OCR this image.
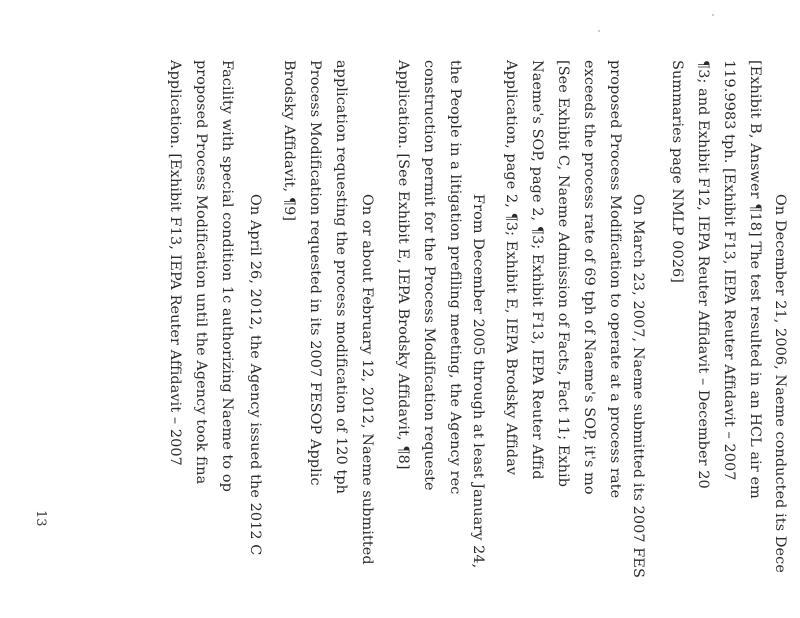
On December 21, 2006, Naeme conducted its Dece
[Exhibit B, Answer ¶18] The test resulted in an HCL air em
119.9983 tph. [Exhibit F13, IEPA Reuter Affidavit – 2007
¶3; and Exhibit F12, IEPA Reuter Affidavit – December 20
Summaries page NMLP 0026]
On March 23, 2007, Naeme submitted its 2007 FES
proposed Process Modification to operate at a process rate
exceeds the process rate of 69 tph of Naeme's SOP, it's mo
[See Exhibit C, Naeme Admission of Facts, Fact 11; Exhib
Naeme's SOP, page 2, ¶3; Exhibit F13, IEPA Reuter Affid
Application, page 2, ¶3; Exhibit E, IEPA Brodsky Affidav
From December 2005 through at least January 24,
the People in a litigation prefiling meeting, the Agency rec
construction permit for the Process Modification requeste
Application. [See Exhibit E, IEPA Brodsky Affidavit, ¶8]
On or about February 12, 2012, Naeme submitted
application requesting the process modification of 120 tph
Process Modification requested in its 2007 FESOP Applic
Brodsky Affidavit, ¶9]
On April 26, 2012, the Agency issued the 2012 C
Facility with special condition 1c authorizing Naeme to op
proposed Process Modification until the Agency took fina
Application. [Exhibit F13, IEPA Reuter Affidavit – 2007
13
